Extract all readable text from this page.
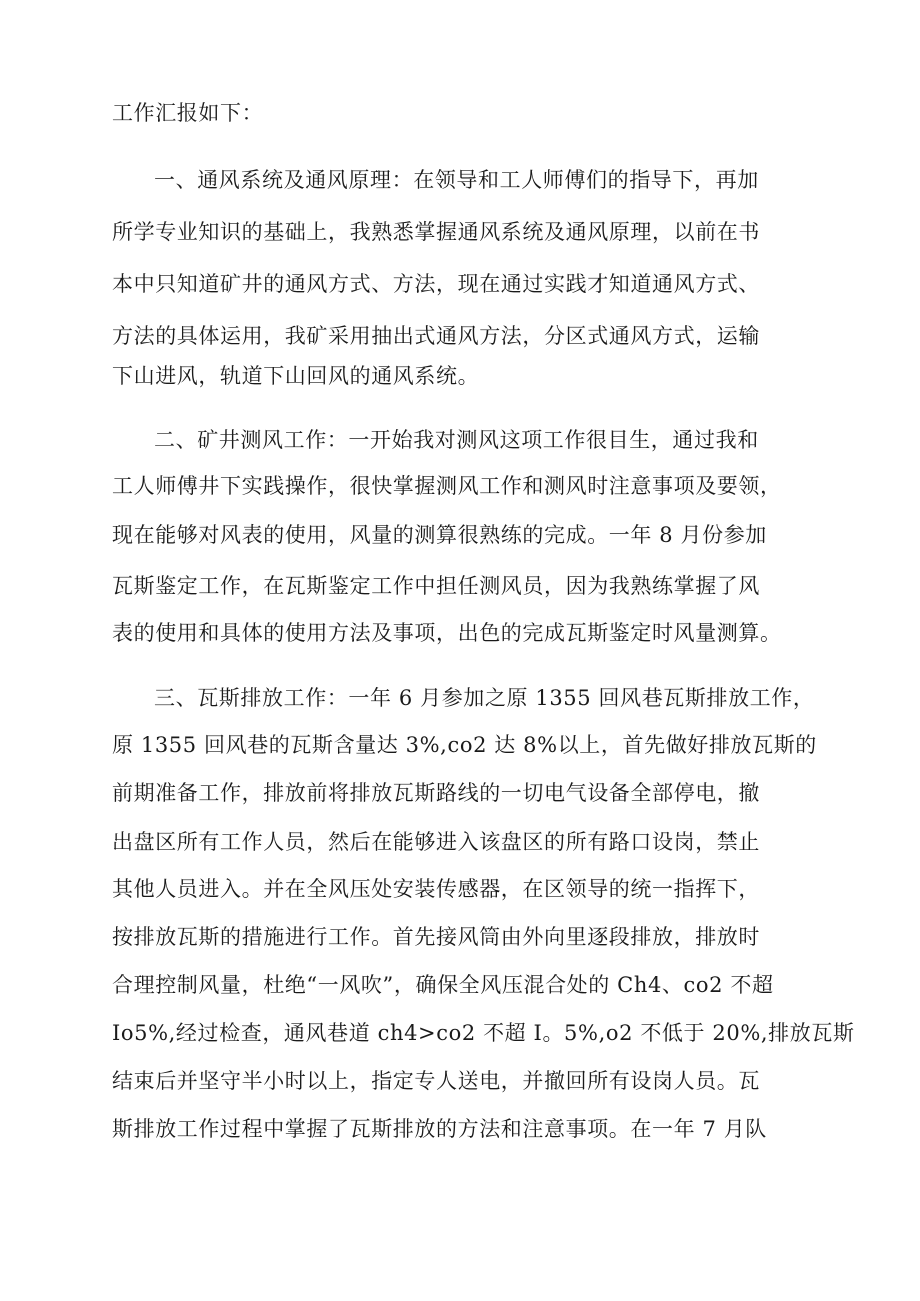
工作汇报如下：
一、通风系统及通风原理：在领导和工人师傅们的指导下，再加
所学专业知识的基础上，我熟悉掌握通风系统及通风原理，以前在书
本中只知道矿井的通风方式、方法，现在通过实践才知道通风方式、
方法的具体运用，我矿采用抽出式通风方法，分区式通风方式，运输
下山进风，轨道下山回风的通风系统。
二、矿井测风工作：一开始我对测风这项工作很目生，通过我和
工人师傅井下实践操作，很快掌握测风工作和测风时注意事项及要领，
现在能够对风表的使用，风量的测算很熟练的完成。一年 8 月份参加
瓦斯鉴定工作，在瓦斯鉴定工作中担任测风员，因为我熟练掌握了风
表的使用和具体的使用方法及事项，出色的完成瓦斯鉴定时风量测算。
三、瓦斯排放工作：一年 6 月参加之原 1355 回风巷瓦斯排放工作，
原 1355 回风巷的瓦斯含量达 3%,co2 达 8%以上，首先做好排放瓦斯的
前期准备工作，排放前将排放瓦斯路线的一切电气设备全部停电，撤
出盘区所有工作人员，然后在能够进入该盘区的所有路口设岗，禁止
其他人员进入。并在全风压处安装传感器，在区领导的统一指挥下，
按排放瓦斯的措施进行工作。首先接风筒由外向里逐段排放，排放时
合理控制风量，杜绝“一风吹”，确保全风压混合处的 Ch4、co2 不超
Io5%,经过检查，通风巷道 ch4>co2 不超 I。5%,o2 不低于 20%,排放瓦斯
结束后并坚守半小时以上，指定专人送电，并撤回所有设岗人员。瓦
斯排放工作过程中掌握了瓦斯排放的方法和注意事项。在一年 7 月队
